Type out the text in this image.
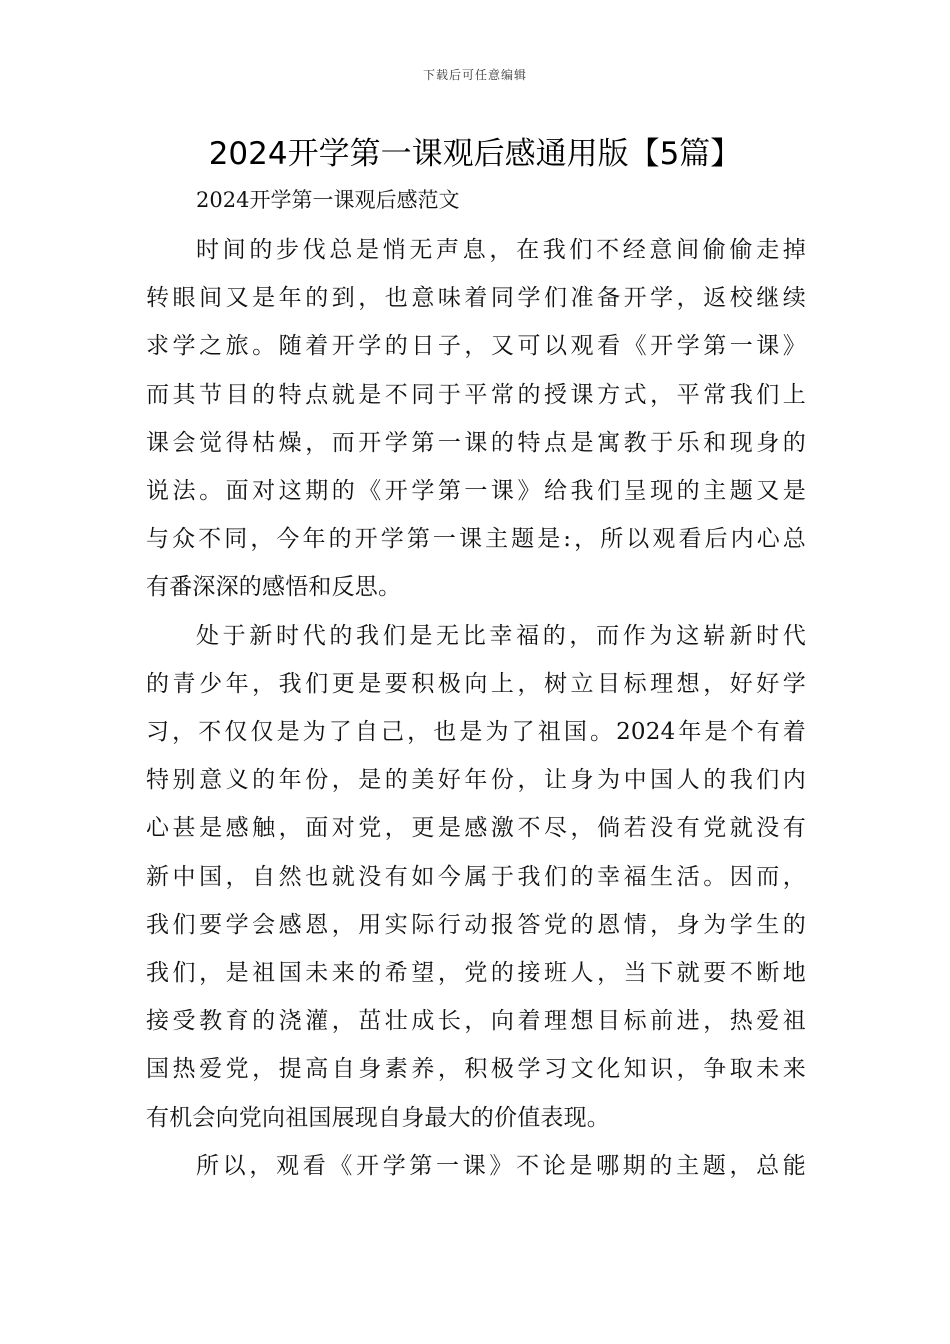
下载后可任意编辑
2024开学第一课观后感通用版【5篇】
2024开学第一课观后感范文
时间的步伐总是悄无声息，在我们不经意间偷偷走掉
转眼间又是年的到，也意味着同学们准备开学，返校继续
求学之旅。随着开学的日子，又可以观看《开学第一课》
而其节目的特点就是不同于平常的授课方式，平常我们上
课会觉得枯燥，而开学第一课的特点是寓教于乐和现身的
说法。面对这期的《开学第一课》给我们呈现的主题又是
与众不同，今年的开学第一课主题是:，所以观看后内心总
有番深深的感悟和反思。
处于新时代的我们是无比幸福的，而作为这崭新时代
的青少年，我们更是要积极向上，树立目标理想，好好学
习，不仅仅是为了自己，也是为了祖国。2024年是个有着
特别意义的年份，是的美好年份，让身为中国人的我们内
心甚是感触，面对党，更是感激不尽，倘若没有党就没有
新中国，自然也就没有如今属于我们的幸福生活。因而，
我们要学会感恩，用实际行动报答党的恩情，身为学生的
我们，是祖国未来的希望，党的接班人，当下就要不断地
接受教育的浇灌，茁壮成长，向着理想目标前进，热爱祖
国热爱党，提高自身素养，积极学习文化知识，争取未来
有机会向党向祖国展现自身最大的价值表现。
所以，观看《开学第一课》不论是哪期的主题，总能
